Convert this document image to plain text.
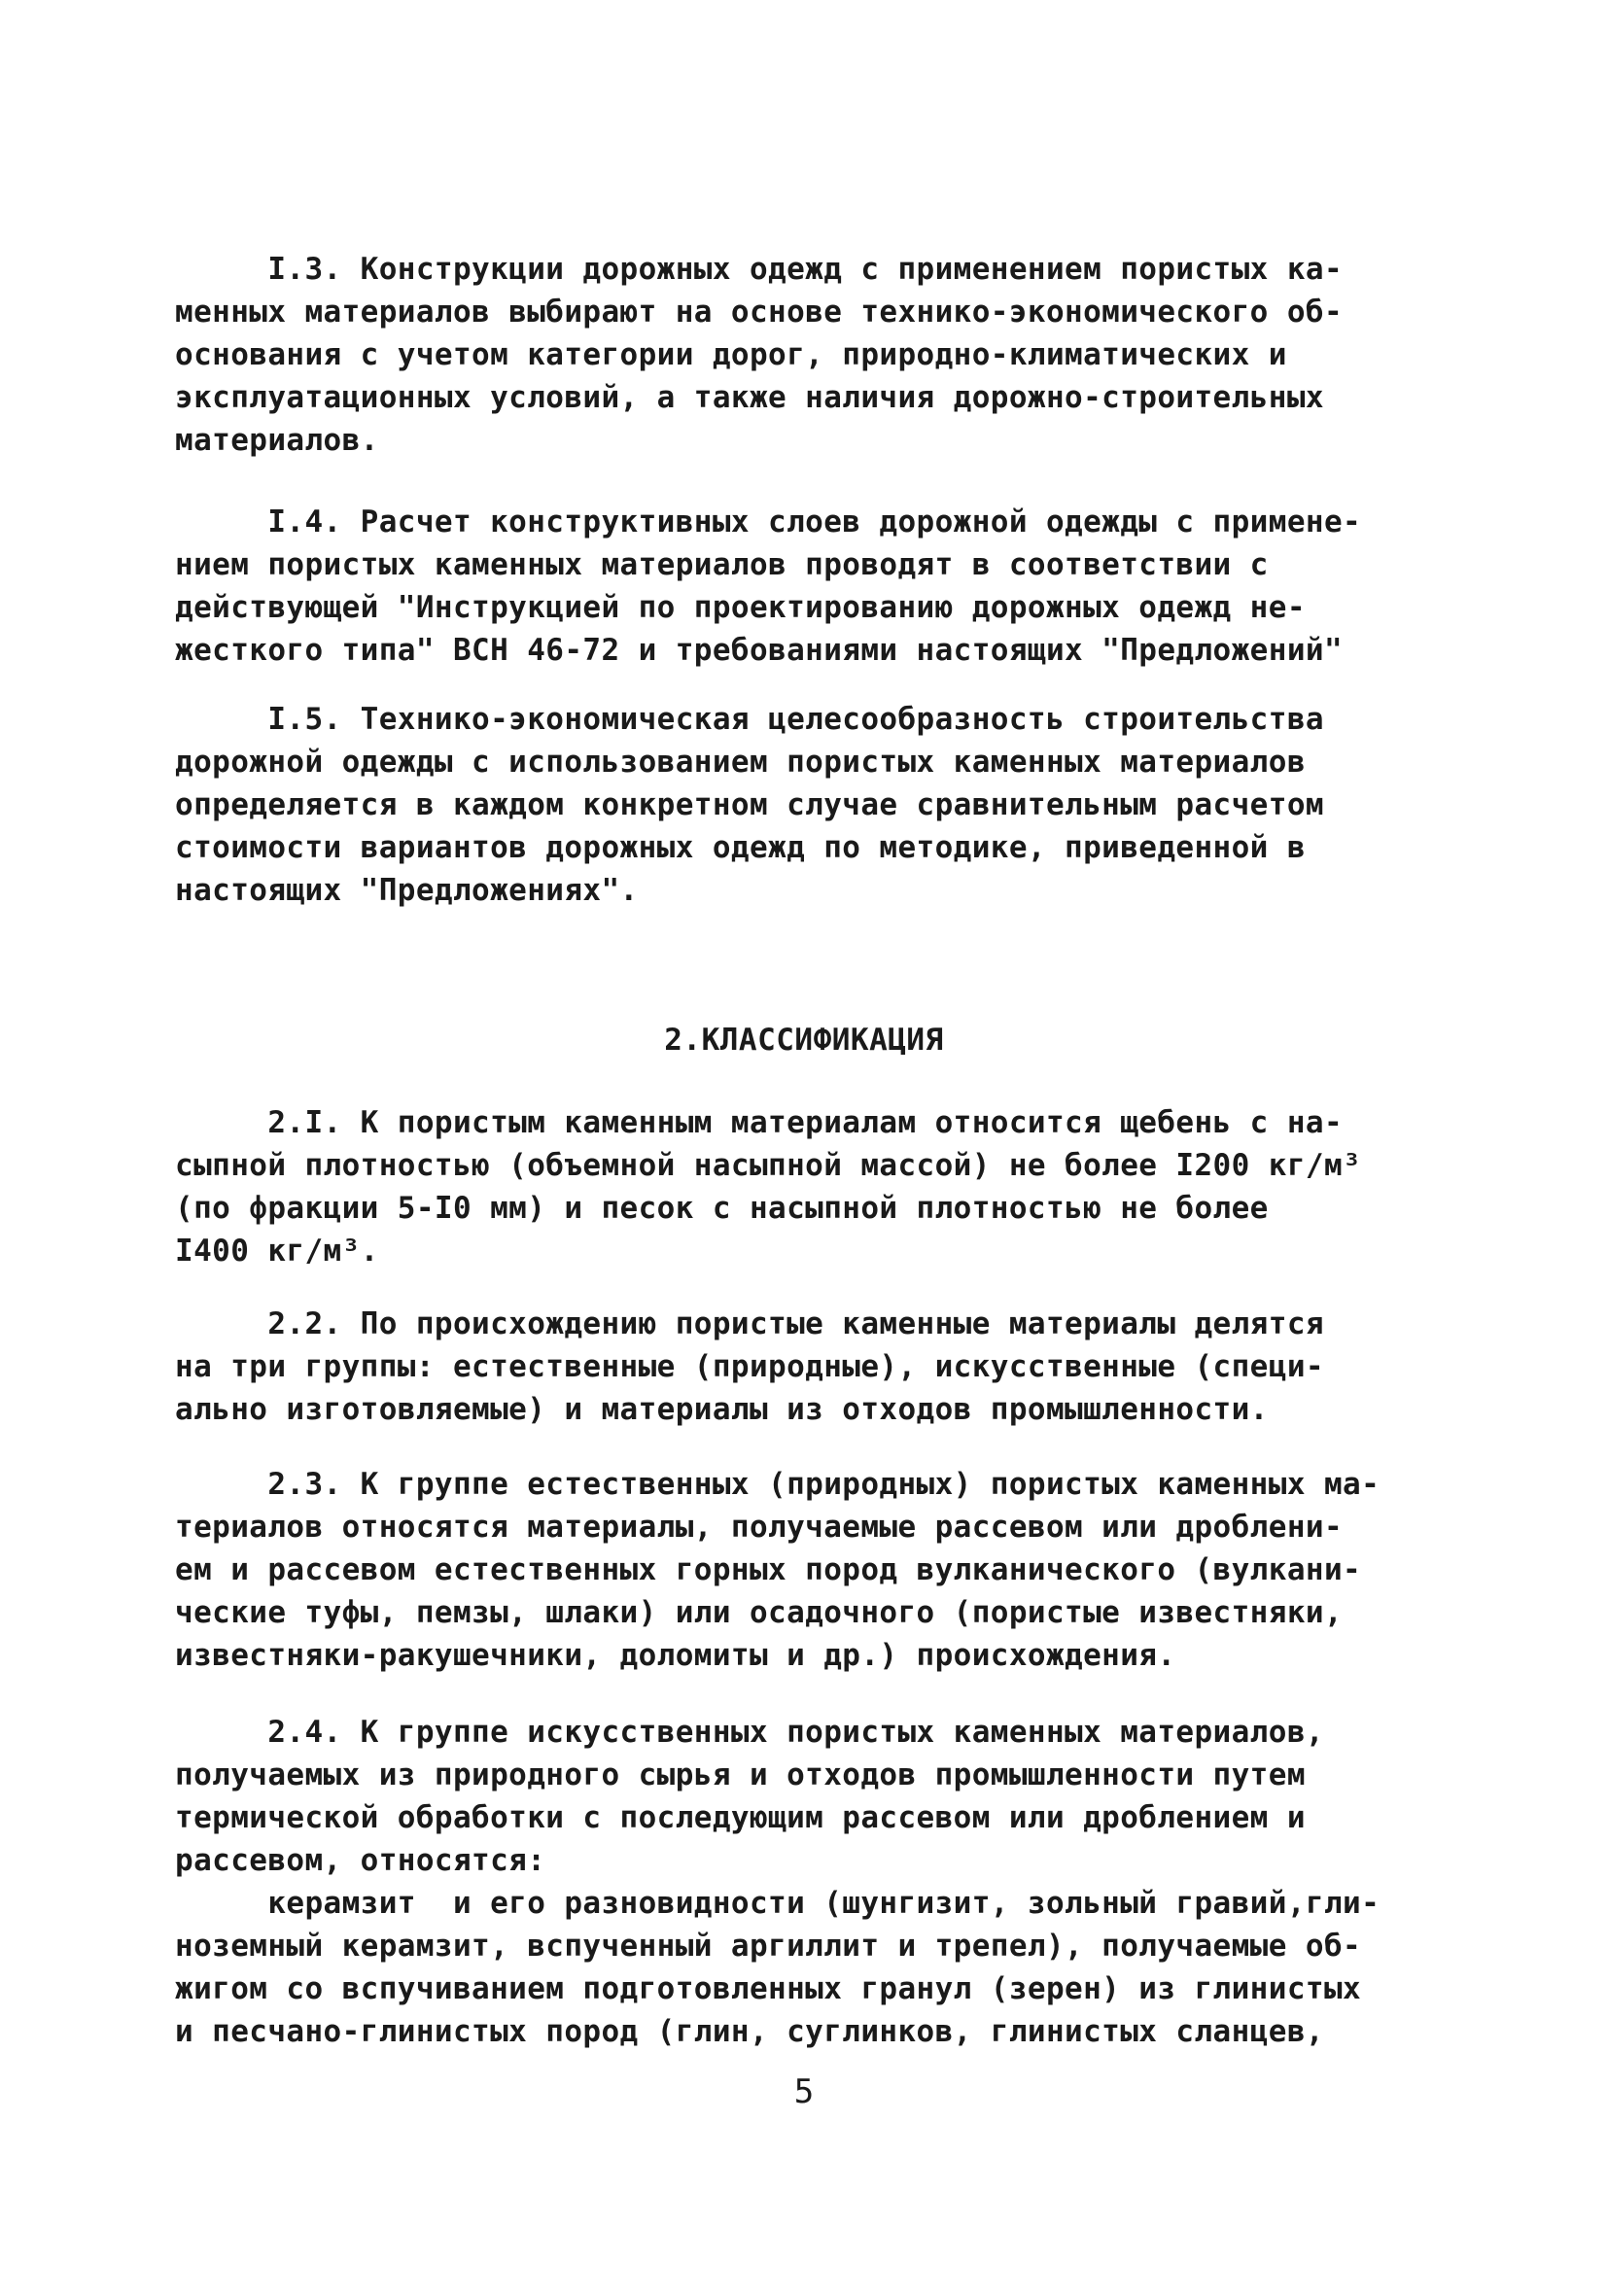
I.3. Конструкции дорожных одежд с применением пористых ка-
менных материалов выбирают на основе технико-экономического об-
основания с учетом категории дорог, природно-климатических и
эксплуатационных условий, а также наличия дорожно-строительных
материалов.
I.4. Расчет конструктивных слоев дорожной одежды с примене-
нием пористых каменных материалов проводят в соответствии с
действующей "Инструкцией по проектированию дорожных одежд не-
жесткого типа" ВСН 46-72 и требованиями настоящих "Предложений"
I.5. Технико-экономическая целесообразность строительства
дорожной одежды с использованием пористых каменных материалов
определяется в каждом конкретном случае сравнительным расчетом
стоимости вариантов дорожных одежд по методике, приведенной в
настоящих "Предложениях".
2.КЛАССИФИКАЦИЯ
2.I. К пористым каменным материалам относится щебень с на-
сыпной плотностью (объемной насыпной массой) не более I200 кг/м³
(по фракции 5-I0 мм) и песок с насыпной плотностью не более
I400 кг/м³.
2.2. По происхождению пористые каменные материалы делятся
на три группы: естественные (природные), искусственные (специ-
ально изготовляемые) и материалы из отходов промышленности.
2.3. К группе естественных (природных) пористых каменных ма-
териалов относятся материалы, получаемые рассевом или дроблени-
ем и рассевом естественных горных пород вулканического (вулкани-
ческие туфы, пемзы, шлаки) или осадочного (пористые известняки,
известняки-ракушечники, доломиты и др.) происхождения.
2.4. К группе искусственных пористых каменных материалов,
получаемых из природного сырья и отходов промышленности путем
термической обработки с последующим рассевом или дроблением и
рассевом, относятся:
керамзит  и его разновидности (шунгизит, зольный гравий,гли-
ноземный керамзит, вспученный аргиллит и трепел), получаемые об-
жигом со вспучиванием подготовленных гранул (зерен) из глинистых
и песчано-глинистых пород (глин, суглинков, глинистых сланцев,
5
